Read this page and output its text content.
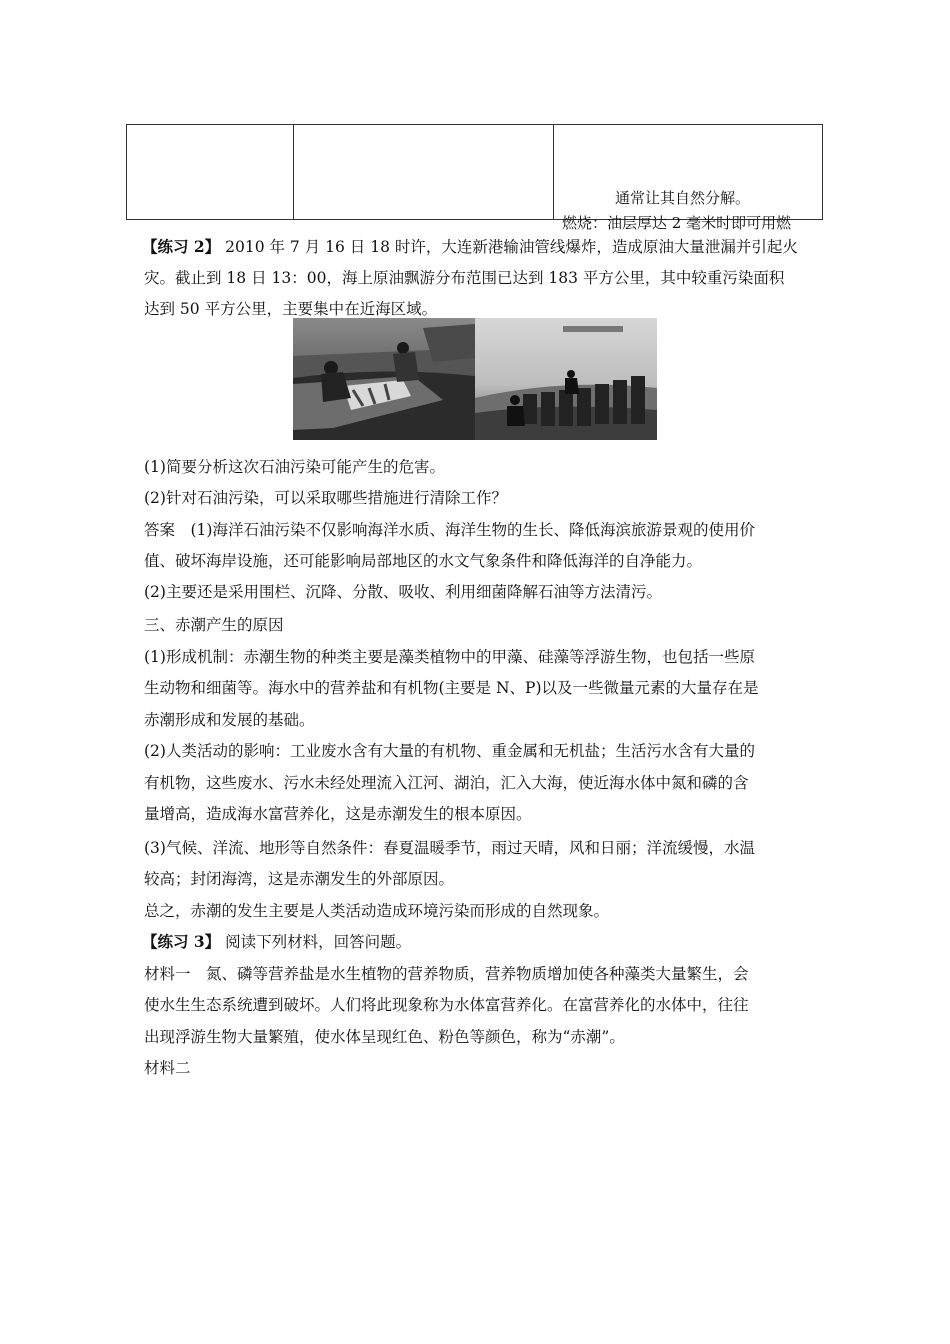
通常让其自然分解。
燃烧：油层厚达 2 毫米时即可用燃
【练习 2】 2010 年 7 月 16 日 18 时许，大连新港输油管线爆炸，造成原油大量泄漏并引起火
灾。截止到 18 日 13：00，海上原油飘游分布范围已达到 183 平方公里，其中较重污染面积
达到 50 平方公里，主要集中在近海区域。
(1)简要分析这次石油污染可能产生的危害。
(2)针对石油污染，可以采取哪些措施进行清除工作？
答案　(1)海洋石油污染不仅影响海洋水质、海洋生物的生长、降低海滨旅游景观的使用价
值、破坏海岸设施，还可能影响局部地区的水文气象条件和降低海洋的自净能力。
(2)主要还是采用围栏、沉降、分散、吸收、利用细菌降解石油等方法清污。
三、赤潮产生的原因
(1)形成机制：赤潮生物的种类主要是藻类植物中的甲藻、硅藻等浮游生物，也包括一些原
生动物和细菌等。海水中的营养盐和有机物(主要是 N、P)以及一些微量元素的大量存在是
赤潮形成和发展的基础。
(2)人类活动的影响：工业废水含有大量的有机物、重金属和无机盐；生活污水含有大量的
有机物，这些废水、污水未经处理流入江河、湖泊，汇入大海，使近海水体中氮和磷的含
量增高，造成海水富营养化，这是赤潮发生的根本原因。
(3)气候、洋流、地形等自然条件：春夏温暖季节，雨过天晴，风和日丽；洋流缓慢，水温
较高；封闭海湾，这是赤潮发生的外部原因。
总之，赤潮的发生主要是人类活动造成环境污染而形成的自然现象。
【练习 3】 阅读下列材料，回答问题。
材料一　氮、磷等营养盐是水生植物的营养物质，营养物质增加使各种藻类大量繁生，会
使水生生态系统遭到破坏。人们将此现象称为水体富营养化。在富营养化的水体中，往往
出现浮游生物大量繁殖，使水体呈现红色、粉色等颜色，称为“赤潮”。
材料二
